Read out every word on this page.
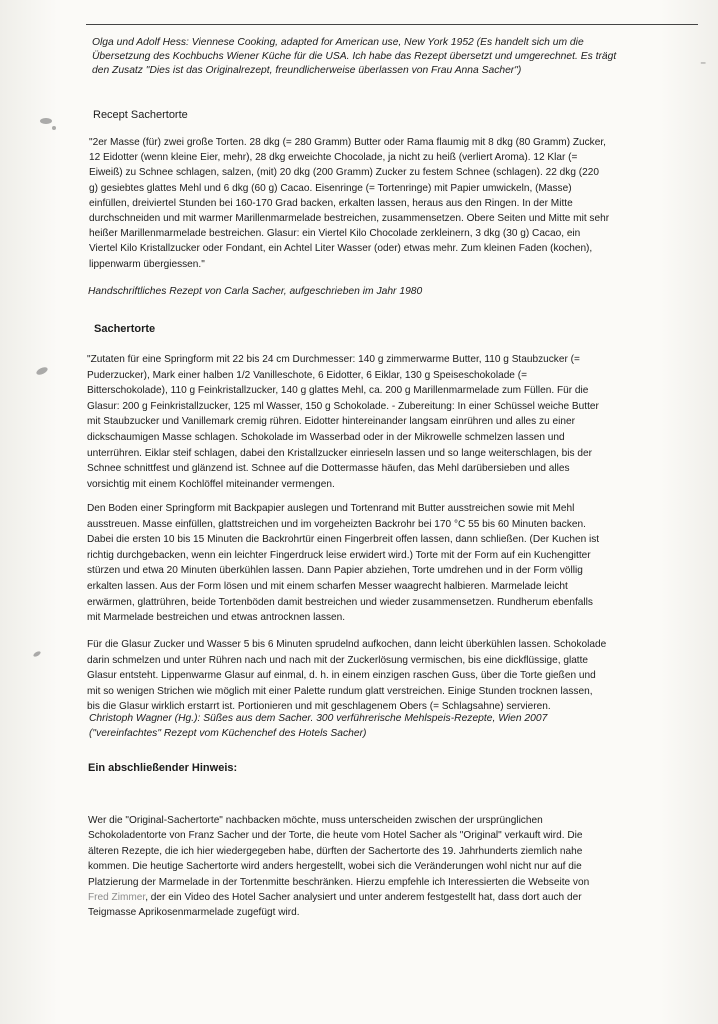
Olga und Adolf Hess: Viennese Cooking, adapted for American use, New York 1952 (Es handelt sich um die

Übersetzung des Kochbuchs Wiener Küche für die USA. Ich habe das Rezept übersetzt und umgerechnet. Es trägt

den Zusatz "Dies ist das Originalrezept, freundlicherweise überlassen von Frau Anna Sacher")

Recept Sachertorte

"2er Masse (für) zwei große Torten. 28 dkg (= 280 Gramm) Butter oder Rama flaumig mit 8 dkg (80 Gramm) Zucker,

12 Eidotter (wenn kleine Eier, mehr), 28 dkg erweichte Chocolade, ja nicht zu heiß (verliert Aroma). 12 Klar (=

Eiweiß) zu Schnee schlagen, salzen, (mit) 20 dkg (200 Gramm) Zucker zu festem Schnee (schlagen). 22 dkg (220

g) gesiebtes glattes Mehl und 6 dkg (60 g) Cacao. Eisenringe (= Tortenringe) mit Papier umwickeln, (Masse)

einfüllen, dreiviertel Stunden bei 160-170 Grad backen, erkalten lassen, heraus aus den Ringen. In der Mitte

durchschneiden und mit warmer Marillenmarmelade bestreichen, zusammensetzen. Obere Seiten und Mitte mit sehr

heißer Marillenmarmelade bestreichen. Glasur: ein Viertel Kilo Chocolade zerkleinern, 3 dkg (30 g) Cacao, ein

Viertel Kilo Kristallzucker oder Fondant, ein Achtel Liter Wasser (oder) etwas mehr. Zum kleinen Faden (kochen),

lippenwarm übergiessen."

Handschriftliches Rezept von Carla Sacher, aufgeschrieben im Jahr 1980
Sachertorte

"Zutaten für eine Springform mit 22 bis 24 cm Durchmesser: 140 g zimmerwarme Butter, 110 g Staubzucker (=

Puderzucker), Mark einer halben 1/2 Vanilleschote, 6 Eidotter, 6 Eiklar, 130 g Speiseschokolade (=

Bitterschokolade), 110 g Feinkristallzucker, 140 g glattes Mehl, ca. 200 g Marillenmarmelade zum Füllen. Für die

Glasur: 200 g Feinkristallzucker, 125 ml Wasser, 150 g Schokolade. - Zubereitung: In einer Schüssel weiche Butter

mit Staubzucker und Vanillemark cremig rühren. Eidotter hintereinander langsam einrühren und alles zu einer

dickschaumigen Masse schlagen. Schokolade im Wasserbad oder in der Mikrowelle schmelzen lassen und

unterrühren. Eiklar steif schlagen, dabei den Kristallzucker einrieseln lassen und so lange weiterschlagen, bis der

Schnee schnittfest und glänzend ist. Schnee auf die Dottermasse häufen, das Mehl darübersieben und alles

vorsichtig mit einem Kochlöffel miteinander vermengen.

Den Boden einer Springform mit Backpapier auslegen und Tortenrand mit Butter ausstreichen sowie mit Mehl

ausstreuen. Masse einfüllen, glattstreichen und im vorgeheizten Backrohr bei 170 °C 55 bis 60 Minuten backen.

Dabei die ersten 10 bis 15 Minuten die Backrohrtür einen Fingerbreit offen lassen, dann schließen. (Der Kuchen ist

richtig durchgebacken, wenn ein leichter Fingerdruck leise erwidert wird.) Torte mit der Form auf ein Kuchengitter

stürzen und etwa 20 Minuten überkühlen lassen. Dann Papier abziehen, Torte umdrehen und in der Form völlig

erkalten lassen. Aus der Form lösen und mit einem scharfen Messer waagrecht halbieren. Marmelade leicht

erwärmen, glattrühren, beide Tortenböden damit bestreichen und wieder zusammensetzen. Rundherum ebenfalls

mit Marmelade bestreichen und etwas antrocknen lassen.

Für die Glasur Zucker und Wasser 5 bis 6 Minuten sprudelnd aufkochen, dann leicht überkühlen lassen. Schokolade

darin schmelzen und unter Rühren nach und nach mit der Zuckerlösung vermischen, bis eine dickflüssige, glatte

Glasur entsteht. Lippenwarme Glasur auf einmal, d. h. in einem einzigen raschen Guss, über die Torte gießen und

mit so wenigen Strichen wie möglich mit einer Palette rundum glatt verstreichen. Einige Stunden trocknen lassen,

bis die Glasur wirklich erstarrt ist. Portionieren und mit geschlagenem Obers (= Schlagsahne) servieren.

Christoph Wagner (Hg.): Süßes aus dem Sacher. 300 verführerische Mehlspeis-Rezepte, Wien 2007

("vereinfachtes" Rezept vom Küchenchef des Hotels Sacher)

Ein abschließender Hinweis:

Wer die "Original-Sachertorte" nachbacken möchte, muss unterscheiden zwischen der ursprünglichen

Schokoladentorte von Franz Sacher und der Torte, die heute vom Hotel Sacher als "Original" verkauft wird. Die

älteren Rezepte, die ich hier wiedergegeben habe, dürften der Sachertorte des 19. Jahrhunderts ziemlich nahe

kommen. Die heutige Sachertorte wird anders hergestellt, wobei sich die Veränderungen wohl nicht nur auf die

Platzierung der Marmelade in der Tortenmitte beschränken. Hierzu empfehle ich Interessierten die Webseite von

Fred Zimmer, der ein Video des Hotel Sacher analysiert und unter anderem festgestellt hat, dass dort auch der

Teigmasse Aprikosenmarmelade zugefügt wird.

⁻
